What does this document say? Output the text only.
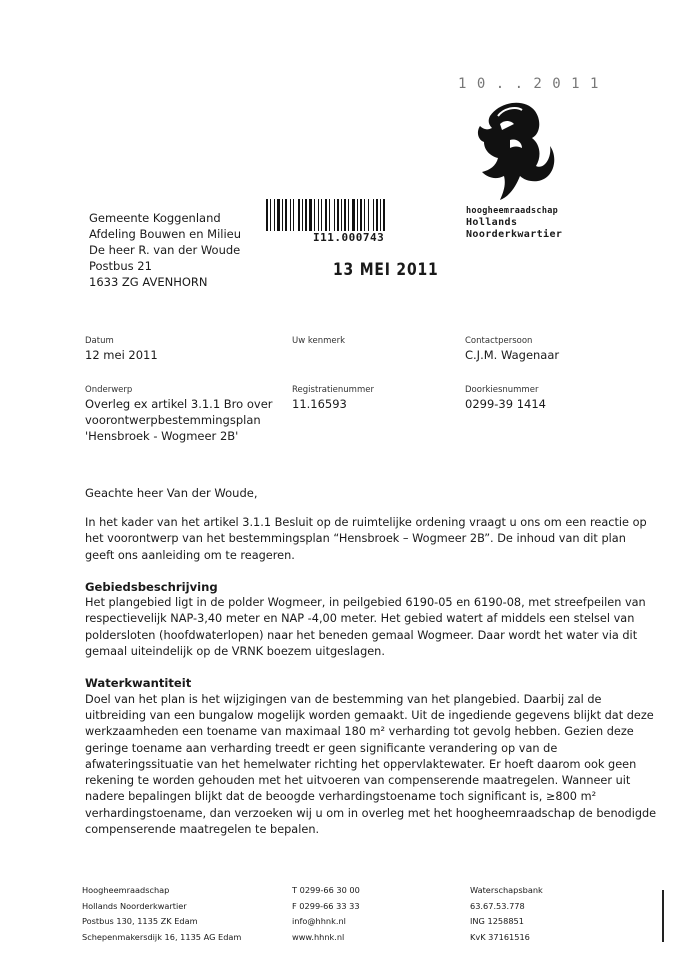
1 0 . . 2 0 1 1
hoogheemraadschap
Hollands
Noorderkwartier
I11.000743
13 MEI 2011
Gemeente Koggenland
Afdeling Bouwen en Milieu
De heer R. van der Woude
Postbus 21
1633 ZG AVENHORN
Datum
12 mei 2011
Uw kenmerk	Contactpersoon
C.J.M. Wagenaar
Onderwerp
Overleg ex artikel 3.1.1 Bro over
voorontwerpbestemmingsplan
'Hensbroek - Wogmeer 2B'
Registratienummer
11.16593
Doorkiesnummer
0299-39 1414
Geachte heer Van der Woude,

In het kader van het artikel 3.1.1 Besluit op de ruimtelijke ordening vraagt u ons om een reactie op

het voorontwerp van het bestemmingsplan “Hensbroek – Wogmeer 2B”. De inhoud van dit plan

geeft ons aanleiding om te reageren.

Gebiedsbeschrijving

Het plangebied ligt in de polder Wogmeer, in peilgebied 6190-05 en 6190-08, met streefpeilen van

respectievelijk NAP-3,40 meter en NAP -4,00 meter. Het gebied watert af middels een stelsel van

poldersloten (hoofdwaterlopen) naar het beneden gemaal Wogmeer. Daar wordt het water via dit

gemaal uiteindelijk op de VRNK boezem uitgeslagen.

Waterkwantiteit

Doel van het plan is het wijzigingen van de bestemming van het plangebied. Daarbij zal de

uitbreiding van een bungalow mogelijk worden gemaakt. Uit de ingediende gegevens blijkt dat deze

werkzaamheden een toename van maximaal 180 m² verharding tot gevolg hebben. Gezien deze

geringe toename aan verharding treedt er geen significante verandering op van de

afwateringssituatie van het hemelwater richting het oppervlaktewater. Er hoeft daarom ook geen

rekening te worden gehouden met het uitvoeren van compenserende maatregelen. Wanneer uit

nadere bepalingen blijkt dat de beoogde verhardingstoename toch significant is, ≥800 m²

verhardingstoename, dan verzoeken wij u om in overleg met het hoogheemraadschap de benodigde

compenserende maatregelen te bepalen.

Hoogheemraadschap
Hollands Noorderkwartier
Postbus 130, 1135 ZK Edam
Schepenmakersdijk 16, 1135 AG Edam
T 0299-66 30 00
F 0299-66 33 33
info@hhnk.nl
www.hhnk.nl
Waterschapsbank
63.67.53.778
ING 1258851
KvK 37161516
